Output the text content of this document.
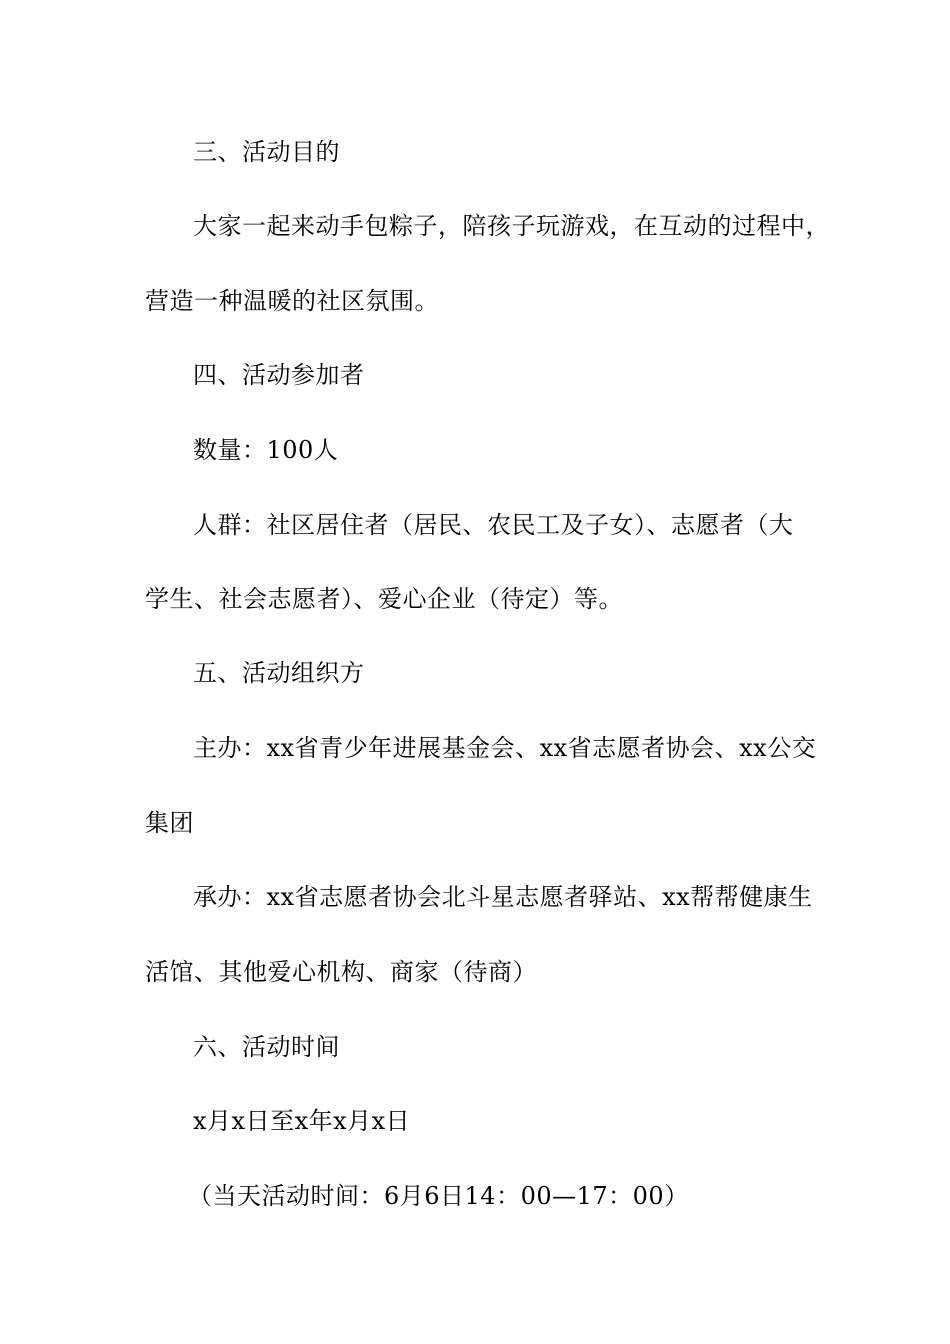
三、活动目的
大家一起来动手包粽子，陪孩子玩游戏，在互动的过程中，
营造一种温暖的社区氛围。
四、活动参加者
数量：100人
人群：社区居住者（居民、农民工及子女）、志愿者（大
学生、社会志愿者）、爱心企业（待定）等。
五、活动组织方
主办：xx省青少年进展基金会、xx省志愿者协会、xx公交
集团
承办：xx省志愿者协会北斗星志愿者驿站、xx帮帮健康生
活馆、其他爱心机构、商家（待商）
六、活动时间
x月x日至x年x月x日
（当天活动时间：6月6日14：00—17：00）
